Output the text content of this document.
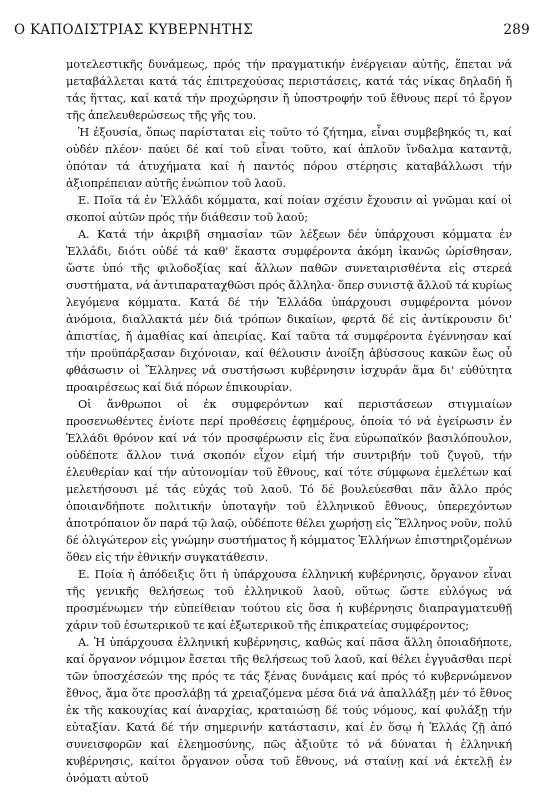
Ο ΚΑΠΟΔΙΣΤΡΙΑΣ ΚΥΒΕΡΝΗΤΗΣ	289

μοτελεστικῆς δυνάμεως, πρός τήν πραγματικήν ἐνέργειαν αὐτῆς, ἕπεται νά μεταβάλλεται κατά τάς ἐπιτρεχούσας περιστάσεις, κατά τάς νίκας δηλαδή ἤ τάς ἥττας, καί κατά τήν προχώρησιν ἤ ὑποστροφήν τοῦ ἔθνους περί τό ἔργον τῆς ἀπελευθερώσεως τῆς γῆς του.

Ἡ ἐξουσία, ὅπως παρίσταται εἰς τοῦτο τό ζήτημα, εἶναι συμβεβηκός τι, καί οὐδέν πλέον· παύει δέ καί τοῦ εἶναι τοῦτο, καί ἁπλοῦν ἴνδαλμα καταντᾷ, ὁπόταν τά ἀτυχήματα καί ἡ παντός πόρου στέρησις καταβάλλωσι τήν ἀξιοπρέπειαν αὐτῆς ἐνώπιον τοῦ λαοῦ.

Ε. Ποῖα τά ἐν Ἑλλάδι κόμματα, καί ποίαν σχέσιν ἔχουσιν αἱ γνῶμαι καί οἱ σκοποί αὐτῶν πρός τήν διάθεσιν τοῦ λαοῦ;

Α. Κατά τήν ἀκριβῆ σημασίαν τῶν λέξεων δέν ὑπάρχουσι κόμματα ἐν Ἑλλάδι, διότι οὐδέ τά καθ' ἕκαστα συμφέροντα ἀκόμη ἱκανῶς ὡρίσθησαν, ὥστε ὑπό τῆς φιλοδοξίας καί ἄλλων παθῶν συνεταιρισθέντα εἰς στερεά συστήματα, νά ἀντιπαραταχθῶσι πρός ἄλληλα· ὅπερ συνιστᾷ ἄλλοῦ τά κυρίως λεγόμενα κόμματα. Κατά δέ τήν Ἑλλάδα ὑπάρχουσι συμφέροντα μόνον ἀνόμοια, διαλλακτά μέν διά τρόπων δικαίων, φερτά δέ εἰς ἀντίκρουσιν δι' ἀπιστίας, ἤ ἀμαθίας καί ἀπειρίας. Καί ταῦτα τά συμφέροντα ἐγέννησαν καί τήν προϋπάρξασαν διχόνοιαν, καί θέλουσιν ἀνοίξη ἀβύσσους κακῶν ἕως οὗ φθάσωσιν οἱ Ἕλληνες νά συστήσωσι κυβέρνησιν ἰσχυράν ἅμα δι' εὐθύτητα προαιρέσεως καί διά πόρων ἐπικουρίαν.

Οἱ ἄνθρωποι οἱ ἐκ συμφερόντων καί περιστάσεων στιγμιαίων προσενωθέντες ἐνίοτε περί προθέσεις ἐφημέρους, ὁποία τό νά ἐγείρωσιν ἐν Ἑλλάδι θρόνον καί νά τόν προσφέρωσιν εἰς ἕνα εὐρωπαϊκόν βασιλόπουλον, οὐδέποτε ἄλλον τινά σκοπόν εἶχον εἰμή τήν συντριβήν τοῦ ζυγοῦ, τήν ἐλευθερίαν καί τήν αὐτονομίαν τοῦ ἔθνους, καί τότε σύμφωνα ἐμελέτων καί μελετήσουσι μέ τάς εὐχάς τοῦ λαοῦ. Τό δέ βουλεύεσθαι πᾶν ἄλλο πρός ὁποιανδήποτε πολιτικήν ὑποταγήν τοῦ ἑλληνικοῦ ἔθνους, ὑπερεχόντων ἀποτρόπαιον ὄν παρά τῷ λαῷ, οὐδέποτε θέλει χωρήσῃ εἰς Ἕλληνος νοῦν, πολύ δέ ὀλιγώτερον εἰς γνώμην συστήματος ἤ κόμματος Ἑλλήνων ἐπιστηριζομένων ὅθεν εἰς τήν ἐθνικήν συγκατάθεσιν.

Ε. Ποία ἡ ἀπόδειξις ὅτι ἡ ὑπάρχουσα ἑλληνική κυβέρνησις, ὄργανον εἶναι τῆς γενικῆς θελήσεως τοῦ ἑλληνικοῦ λαοῦ, οὕτως ὥστε εὐλόγως νά προσμένωμεν τήν εὐπείθειαν τούτου εἰς ὅσα ἡ κυβέρνησις διαπραγματευθῇ χάριν τοῦ ἐσωτερικοῦ τε καί ἐξωτερικοῦ τῆς ἐπικρατείας συμφέροντος;

Α. Ἡ ὑπάρχουσα ἑλληνική κυβέρνησις, καθώς καί πᾶσα ἄλλη ὁποιαδήποτε, καί ὄργανον νόμιμον ἔσεται τῆς θελήσεως τοῦ λαοῦ, καί θέλει ἐγγυᾶσθαι περί τῶν ὑποσχέσεών της πρός τε τάς ξένας δυνάμεις καί πρός τό κυβερνώμενον ἔθνος, ἅμα ὅτε προσλάβῃ τά χρειαζόμενα μέσα διά νά ἀπαλλάξῃ μέν τό ἔθνος ἐκ τῆς κακουχίας καί ἀναρχίας, κραταιώσῃ δέ τούς νόμους, καί φυλάξῃ τήν εὐταξίαν. Κατά δέ τήν σημερινήν κατάστασιν, καί ἐν ὅσῳ ἡ Ἑλλάς ζῇ ἀπό συνεισφορῶν καί ἐλεημοσύνης, πῶς ἀξιοῦτε τό νά δύναται ἡ ἑλληνική κυβέρνησις, καίτοι ὄργανον οὖσα τοῦ ἔθνους, νά σταίνῃ καί νά ἐκτελῇ ἐν ὀνόματι αὐτοῦ
